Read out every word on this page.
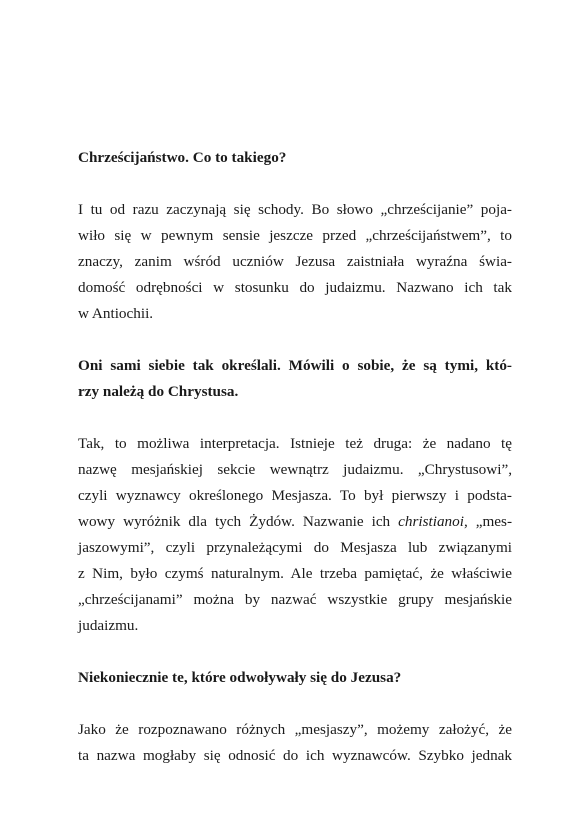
Chrześcijaństwo. Co to takiego?
I tu od razu zaczynają się schody. Bo słowo „chrześcijanie” poja-
wiło się w pewnym sensie jeszcze przed „chrześcijaństwem”, to
znaczy, zanim wśród uczniów Jezusa zaistniała wyraźna świa-
domość odrębności w stosunku do judaizmu. Nazwano ich tak
w Antiochii.
Oni sami siebie tak określali. Mówili o sobie, że są tymi, któ-
rzy należą do Chrystusa.
Tak, to możliwa interpretacja. Istnieje też druga: że nadano tę
nazwę mesjańskiej sekcie wewnątrz judaizmu. „Chrystusowi”,
czyli wyznawcy określonego Mesjasza. To był pierwszy i podsta-
wowy wyróżnik dla tych Żydów. Nazwanie ich christianoi, „mes-
jaszowymi”, czyli przynależącymi do Mesjasza lub związanymi
z Nim, było czymś naturalnym. Ale trzeba pamiętać, że właściwie
„chrześcijanami” można by nazwać wszystkie grupy mesjańskie
judaizmu.
Niekoniecznie te, które odwoływały się do Jezusa?
Jako że rozpoznawano różnych „mesjaszy”, możemy założyć, że
ta nazwa mogłaby się odnosić do ich wyznawców. Szybko jednak
